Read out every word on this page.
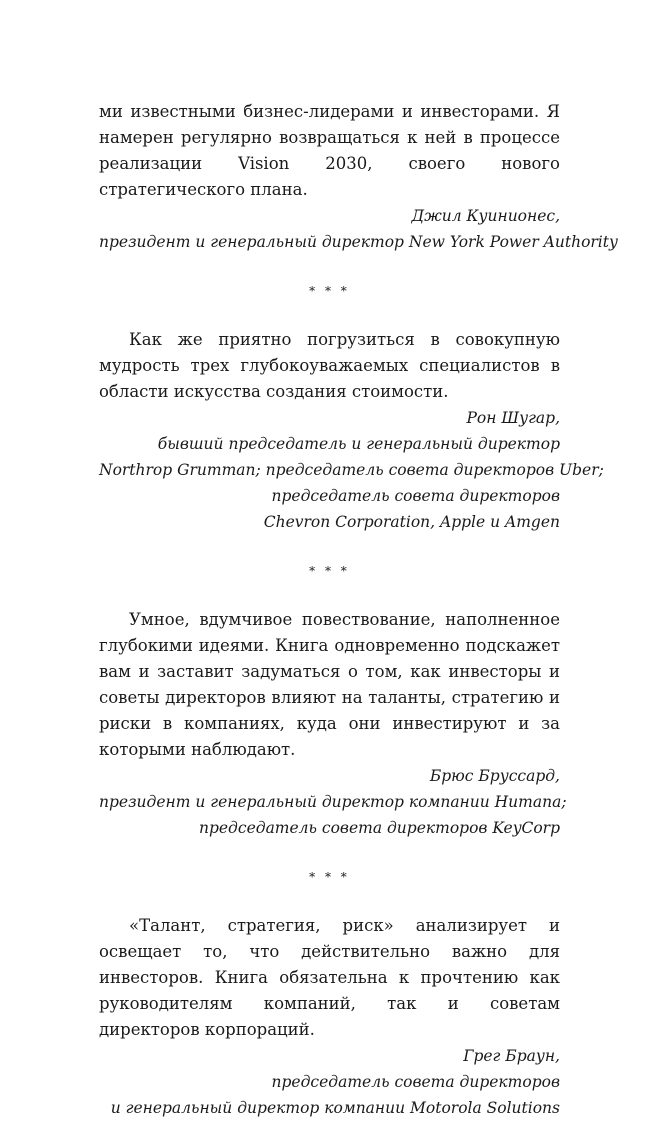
ми известными бизнес-лидерами и инвесторами. Я намерен регулярно возвращаться к ней в процессе реализации Vision 2030, своего нового стратегического плана.

Джил Куинионес,
президент и генеральный директор New York Power Authority
* * *

Как же приятно погрузиться в совокупную мудрость трех глубокоуважаемых специалистов в области искусства создания стоимости.

Рон Шугар,
бывший председатель и генеральный директор
Northrop Grumman; председатель совета директоров Uber;
председатель совета директоров
Chevron Corporation, Apple и Amgen
* * *

Умное, вдумчивое повествование, наполненное глубокими идеями. Книга одновременно подскажет вам и заставит задуматься о том, как инвесторы и советы директоров влияют на таланты, стратегию и риски в компаниях, куда они инвестируют и за которыми наблюдают.

Брюс Бруссард,
президент и генеральный директор компании Humana;
председатель совета директоров KeyCorp
* * *

«Талант, стратегия, риск» анализирует и освещает то, что действительно важно для инвесторов. Книга обязательна к прочтению как руководителям компаний, так и советам директоров корпораций.

Грег Браун,
председатель совета директоров
и генеральный директор компании Motorola Solutions
